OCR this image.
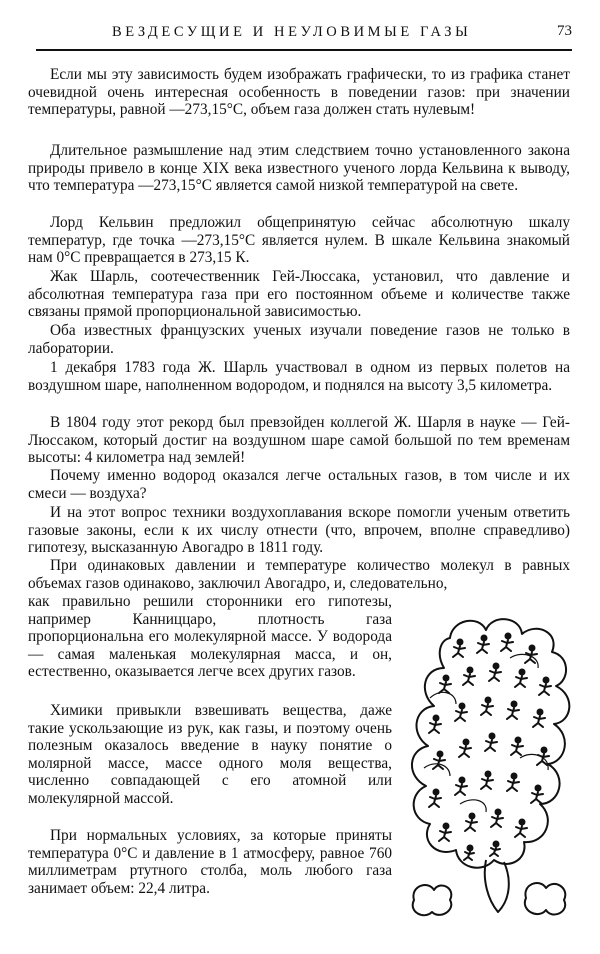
ВЕЗДЕСУЩИЕ И НЕУЛОВИМЫЕ ГАЗЫ	73

Если мы эту зависимость будем изображать графически, то из графика станет очевидной очень интересная особенность в поведении газов: при значении температуры, равной —273,15°С, объем газа должен стать нулевым!

Длительное размышление над этим следствием точно установленного закона природы привело в конце XIX века известного ученого лорда Кельвина к выводу, что температура —273,15°С является самой низкой температурой на свете.

Лорд Кельвин предложил общепринятую сейчас абсолютную шкалу температур, где точка —273,15°С является нулем. В шкале Кельвина знакомый нам 0°С превращается в 273,15 К.

Жак Шарль, соотечественник Гей-Люссака, установил, что давление и абсолютная температура газа при его постоянном объеме и количестве также связаны прямой пропорциональной зависимостью.

Оба известных французских ученых изучали поведение газов не только в лаборатории.

1 декабря 1783 года Ж. Шарль участвовал в одном из первых полетов на воздушном шаре, наполненном водородом, и поднялся на высоту 3,5 километра.

В 1804 году этот рекорд был превзойден коллегой Ж. Шарля в науке — Гей-Люссаком, который достиг на воздушном шаре самой большой по тем временам высоты: 4 километра над землей!

Почему именно водород оказался легче остальных газов, в том числе и их смеси — воздуха?

И на этот вопрос техники воздухоплавания вскоре помогли ученым ответить газовые законы, если к их числу отнести (что, впрочем, вполне справедливо) гипотезу, высказанную Авогадро в 1811 году.

При одинаковых давлении и температуре количество молекул в равных объемах газов одинаково, заключил Авогадро, и, следовательно,

как правильно решили сторонники его гипотезы, например Канниццаро, плотность газа пропорциональна его молекулярной массе. У водорода — самая маленькая молекулярная масса, и он, естественно, оказывается легче всех других газов.

Химики привыкли взвешивать вещества, даже такие ускользающие из рук, как газы, и поэтому очень полезным оказалось введение в науку понятие о молярной массе, массе одного моля вещества, численно совпадающей с его атомной или молекулярной массой.

При нормальных условиях, за которые приняты температура 0°С и давление в 1 атмосферу, равное 760 миллиметрам ртутного столба, моль любого газа занимает объем: 22,4 литра.
